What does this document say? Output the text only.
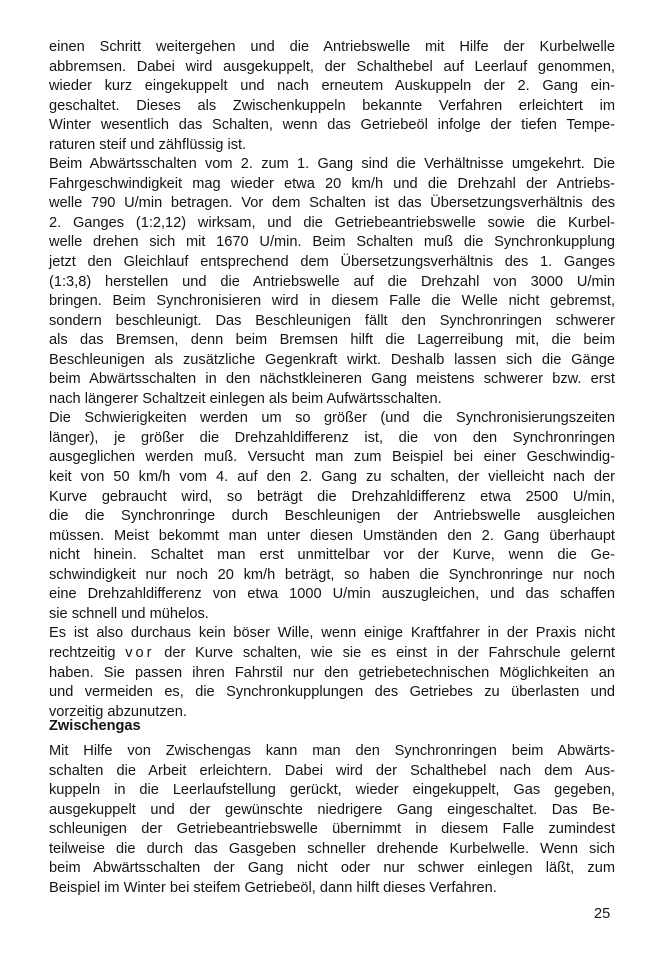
einen Schritt weitergehen und die Antriebswelle mit Hilfe der Kurbelwelle
abbremsen. Dabei wird ausgekuppelt, der Schalthebel auf Leerlauf genommen,
wieder kurz eingekuppelt und nach erneutem Auskuppeln der 2. Gang ein-
geschaltet. Dieses als Zwischenkuppeln bekannte Verfahren erleichtert im
Winter wesentlich das Schalten, wenn das Getriebeöl infolge der tiefen Tempe-
raturen steif und zähflüssig ist.
Beim Abwärtsschalten vom 2. zum 1. Gang sind die Verhältnisse umgekehrt. Die
Fahrgeschwindigkeit mag wieder etwa 20 km/h und die Drehzahl der Antriebs-
welle 790 U/min betragen. Vor dem Schalten ist das Übersetzungsverhältnis des
2. Ganges (1:2,12) wirksam, und die Getriebeantriebswelle sowie die Kurbel-
welle drehen sich mit 1670 U/min. Beim Schalten muß die Synchronkupplung
jetzt den Gleichlauf entsprechend dem Übersetzungsverhältnis des 1. Ganges
(1:3,8) herstellen und die Antriebswelle auf die Drehzahl von 3000 U/min
bringen. Beim Synchronisieren wird in diesem Falle die Welle nicht gebremst,
sondern beschleunigt. Das Beschleunigen fällt den Synchronringen schwerer
als das Bremsen, denn beim Bremsen hilft die Lagerreibung mit, die beim
Beschleunigen als zusätzliche Gegenkraft wirkt. Deshalb lassen sich die Gänge
beim Abwärtsschalten in den nächstkleineren Gang meistens schwerer bzw. erst
nach längerer Schaltzeit einlegen als beim Aufwärtsschalten.
Die Schwierigkeiten werden um so größer (und die Synchronisierungszeiten
länger), je größer die Drehzahldifferenz ist, die von den Synchronringen
ausgeglichen werden muß. Versucht man zum Beispiel bei einer Geschwindig-
keit von 50 km/h vom 4. auf den 2. Gang zu schalten, der vielleicht nach der
Kurve gebraucht wird, so beträgt die Drehzahldifferenz etwa 2500 U/min,
die die Synchronringe durch Beschleunigen der Antriebswelle ausgleichen
müssen. Meist bekommt man unter diesen Umständen den 2. Gang überhaupt
nicht hinein. Schaltet man erst unmittelbar vor der Kurve, wenn die Ge-
schwindigkeit nur noch 20 km/h beträgt, so haben die Synchronringe nur noch
eine Drehzahldifferenz von etwa 1000 U/min auszugleichen, und das schaffen
sie schnell und mühelos.
Es ist also durchaus kein böser Wille, wenn einige Kraftfahrer in der Praxis nicht
rechtzeitig vor der Kurve schalten, wie sie es einst in der Fahrschule gelernt
haben. Sie passen ihren Fahrstil nur den getriebetechnischen Möglichkeiten an
und vermeiden es, die Synchronkupplungen des Getriebes zu überlasten und
vorzeitig abzunutzen.
Zwischengas
Mit Hilfe von Zwischengas kann man den Synchronringen beim Abwärts-
schalten die Arbeit erleichtern. Dabei wird der Schalthebel nach dem Aus-
kuppeln in die Leerlaufstellung gerückt, wieder eingekuppelt, Gas gegeben,
ausgekuppelt und der gewünschte niedrigere Gang eingeschaltet. Das Be-
schleunigen der Getriebeantriebswelle übernimmt in diesem Falle zumindest
teilweise die durch das Gasgeben schneller drehende Kurbelwelle. Wenn sich
beim Abwärtsschalten der Gang nicht oder nur schwer einlegen läßt, zum
Beispiel im Winter bei steifem Getriebeöl, dann hilft dieses Verfahren.
25
